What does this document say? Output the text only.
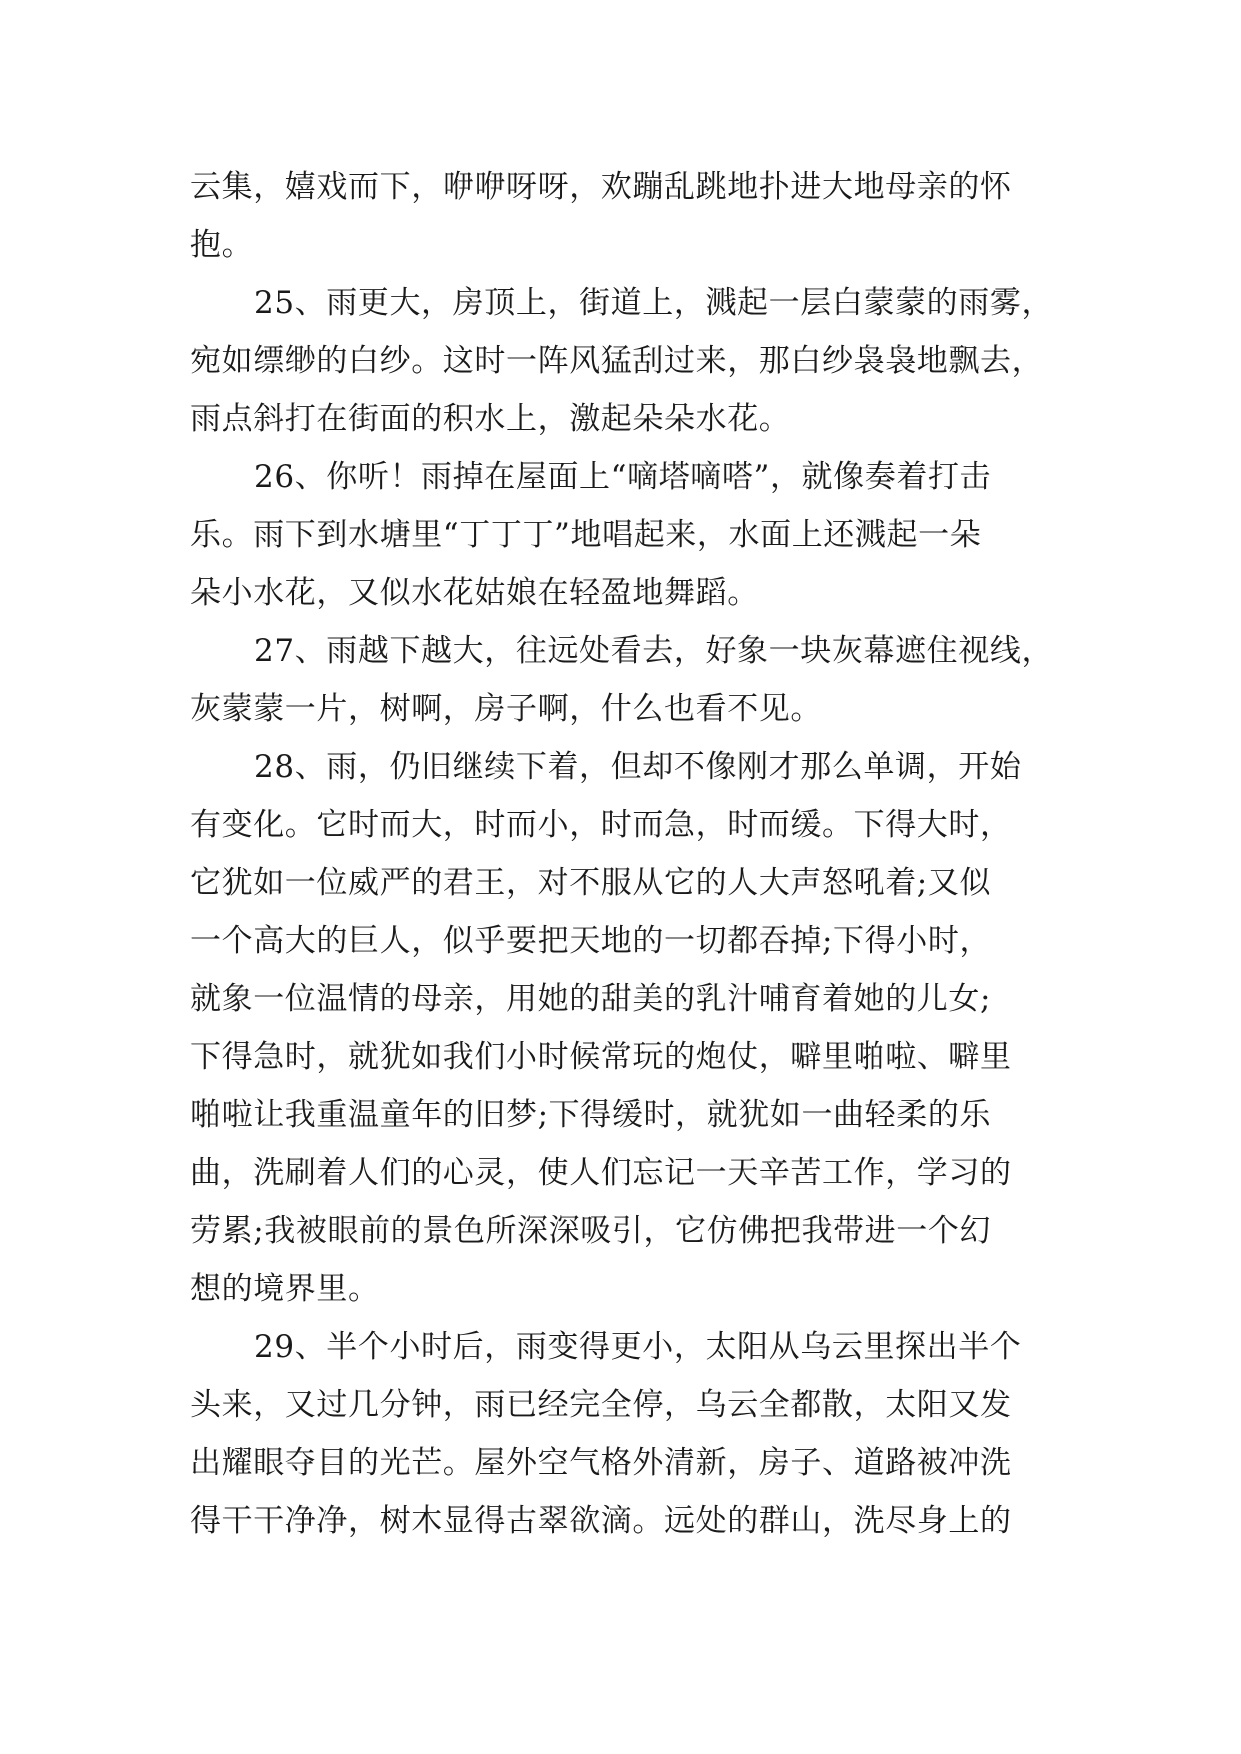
云集，嬉戏而下，咿咿呀呀，欢蹦乱跳地扑进大地母亲的怀
抱。
25、雨更大，房顶上，街道上，溅起一层白蒙蒙的雨雾，
宛如缥缈的白纱。这时一阵风猛刮过来，那白纱袅袅地飘去，
雨点斜打在街面的积水上，激起朵朵水花。
26、你听！雨掉在屋面上“嘀塔嘀嗒”，就像奏着打击
乐。雨下到水塘里“丁丁丁”地唱起来，水面上还溅起一朵
朵小水花，又似水花姑娘在轻盈地舞蹈。
27、雨越下越大，往远处看去，好象一块灰幕遮住视线，
灰蒙蒙一片，树啊，房子啊，什么也看不见。
28、雨，仍旧继续下着，但却不像刚才那么单调，开始
有变化。它时而大，时而小，时而急，时而缓。下得大时，
它犹如一位威严的君王，对不服从它的人大声怒吼着;又似
一个高大的巨人，似乎要把天地的一切都吞掉;下得小时，
就象一位温情的母亲，用她的甜美的乳汁哺育着她的儿女;
下得急时，就犹如我们小时候常玩的炮仗，噼里啪啦、噼里
啪啦让我重温童年的旧梦;下得缓时，就犹如一曲轻柔的乐
曲，洗刷着人们的心灵，使人们忘记一天辛苦工作，学习的
劳累;我被眼前的景色所深深吸引，它仿佛把我带进一个幻
想的境界里。
29、半个小时后，雨变得更小，太阳从乌云里探出半个
头来，又过几分钟，雨已经完全停，乌云全都散，太阳又发
出耀眼夺目的光芒。屋外空气格外清新，房子、道路被冲洗
得干干净净，树木显得古翠欲滴。远处的群山，洗尽身上的
